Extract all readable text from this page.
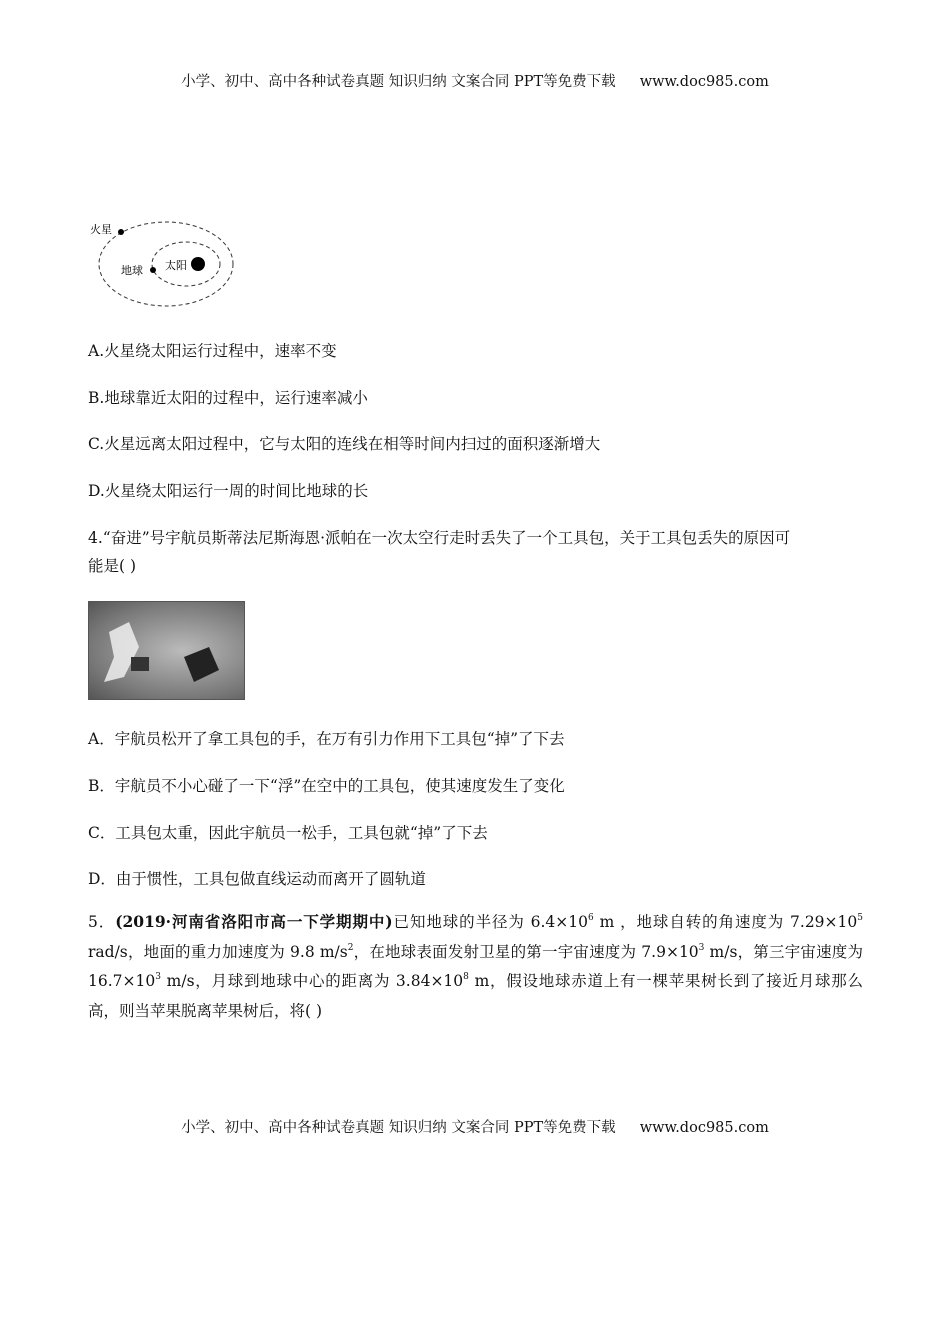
小学、初中、高中各种试卷真题 知识归纳 文案合同 PPT等免费下载 www.doc985.com
火星
地球 太阳
A.火星绕太阳运行过程中，速率不变
B.地球靠近太阳的过程中，运行速率减小
C.火星远离太阳过程中，它与太阳的连线在相等时间内扫过的面积逐渐增大
D.火星绕太阳运行一周的时间比地球的长
4.“奋进”号宇航员斯蒂法尼斯海恩·派帕在一次太空行走时丢失了一个工具包，关于工具包丢失的原因可
能是( )
A．宇航员松开了拿工具包的手，在万有引力作用下工具包“掉”了下去
B．宇航员不小心碰了一下“浮”在空中的工具包，使其速度发生了变化
C．工具包太重，因此宇航员一松手，工具包就“掉”了下去
D．由于惯性，工具包做直线运动而离开了圆轨道
5．(2019·河南省洛阳市高一下学期期中)已知地球的半径为 $6.4\times 10^6$ m ，地球自转的角速度为 $7.29\times 10^5$ rad/s，地面的重力加速度为 9.8 $m/s^2$，在地球表面发射卫星的第一宇宙速度为 $7.9\times 10^3$ m/s，第三宇宙速度为 $16.7\times 10^3$ m/s，月球到地球中心的距离为 $3.84\times 10^8$ m，假设地球赤道上有一棵苹果树长到了接近月球那么高，则当苹果脱离苹果树后，将( )
小学、初中、高中各种试卷真题 知识归纳 文案合同 PPT等免费下载 www.doc985.com
